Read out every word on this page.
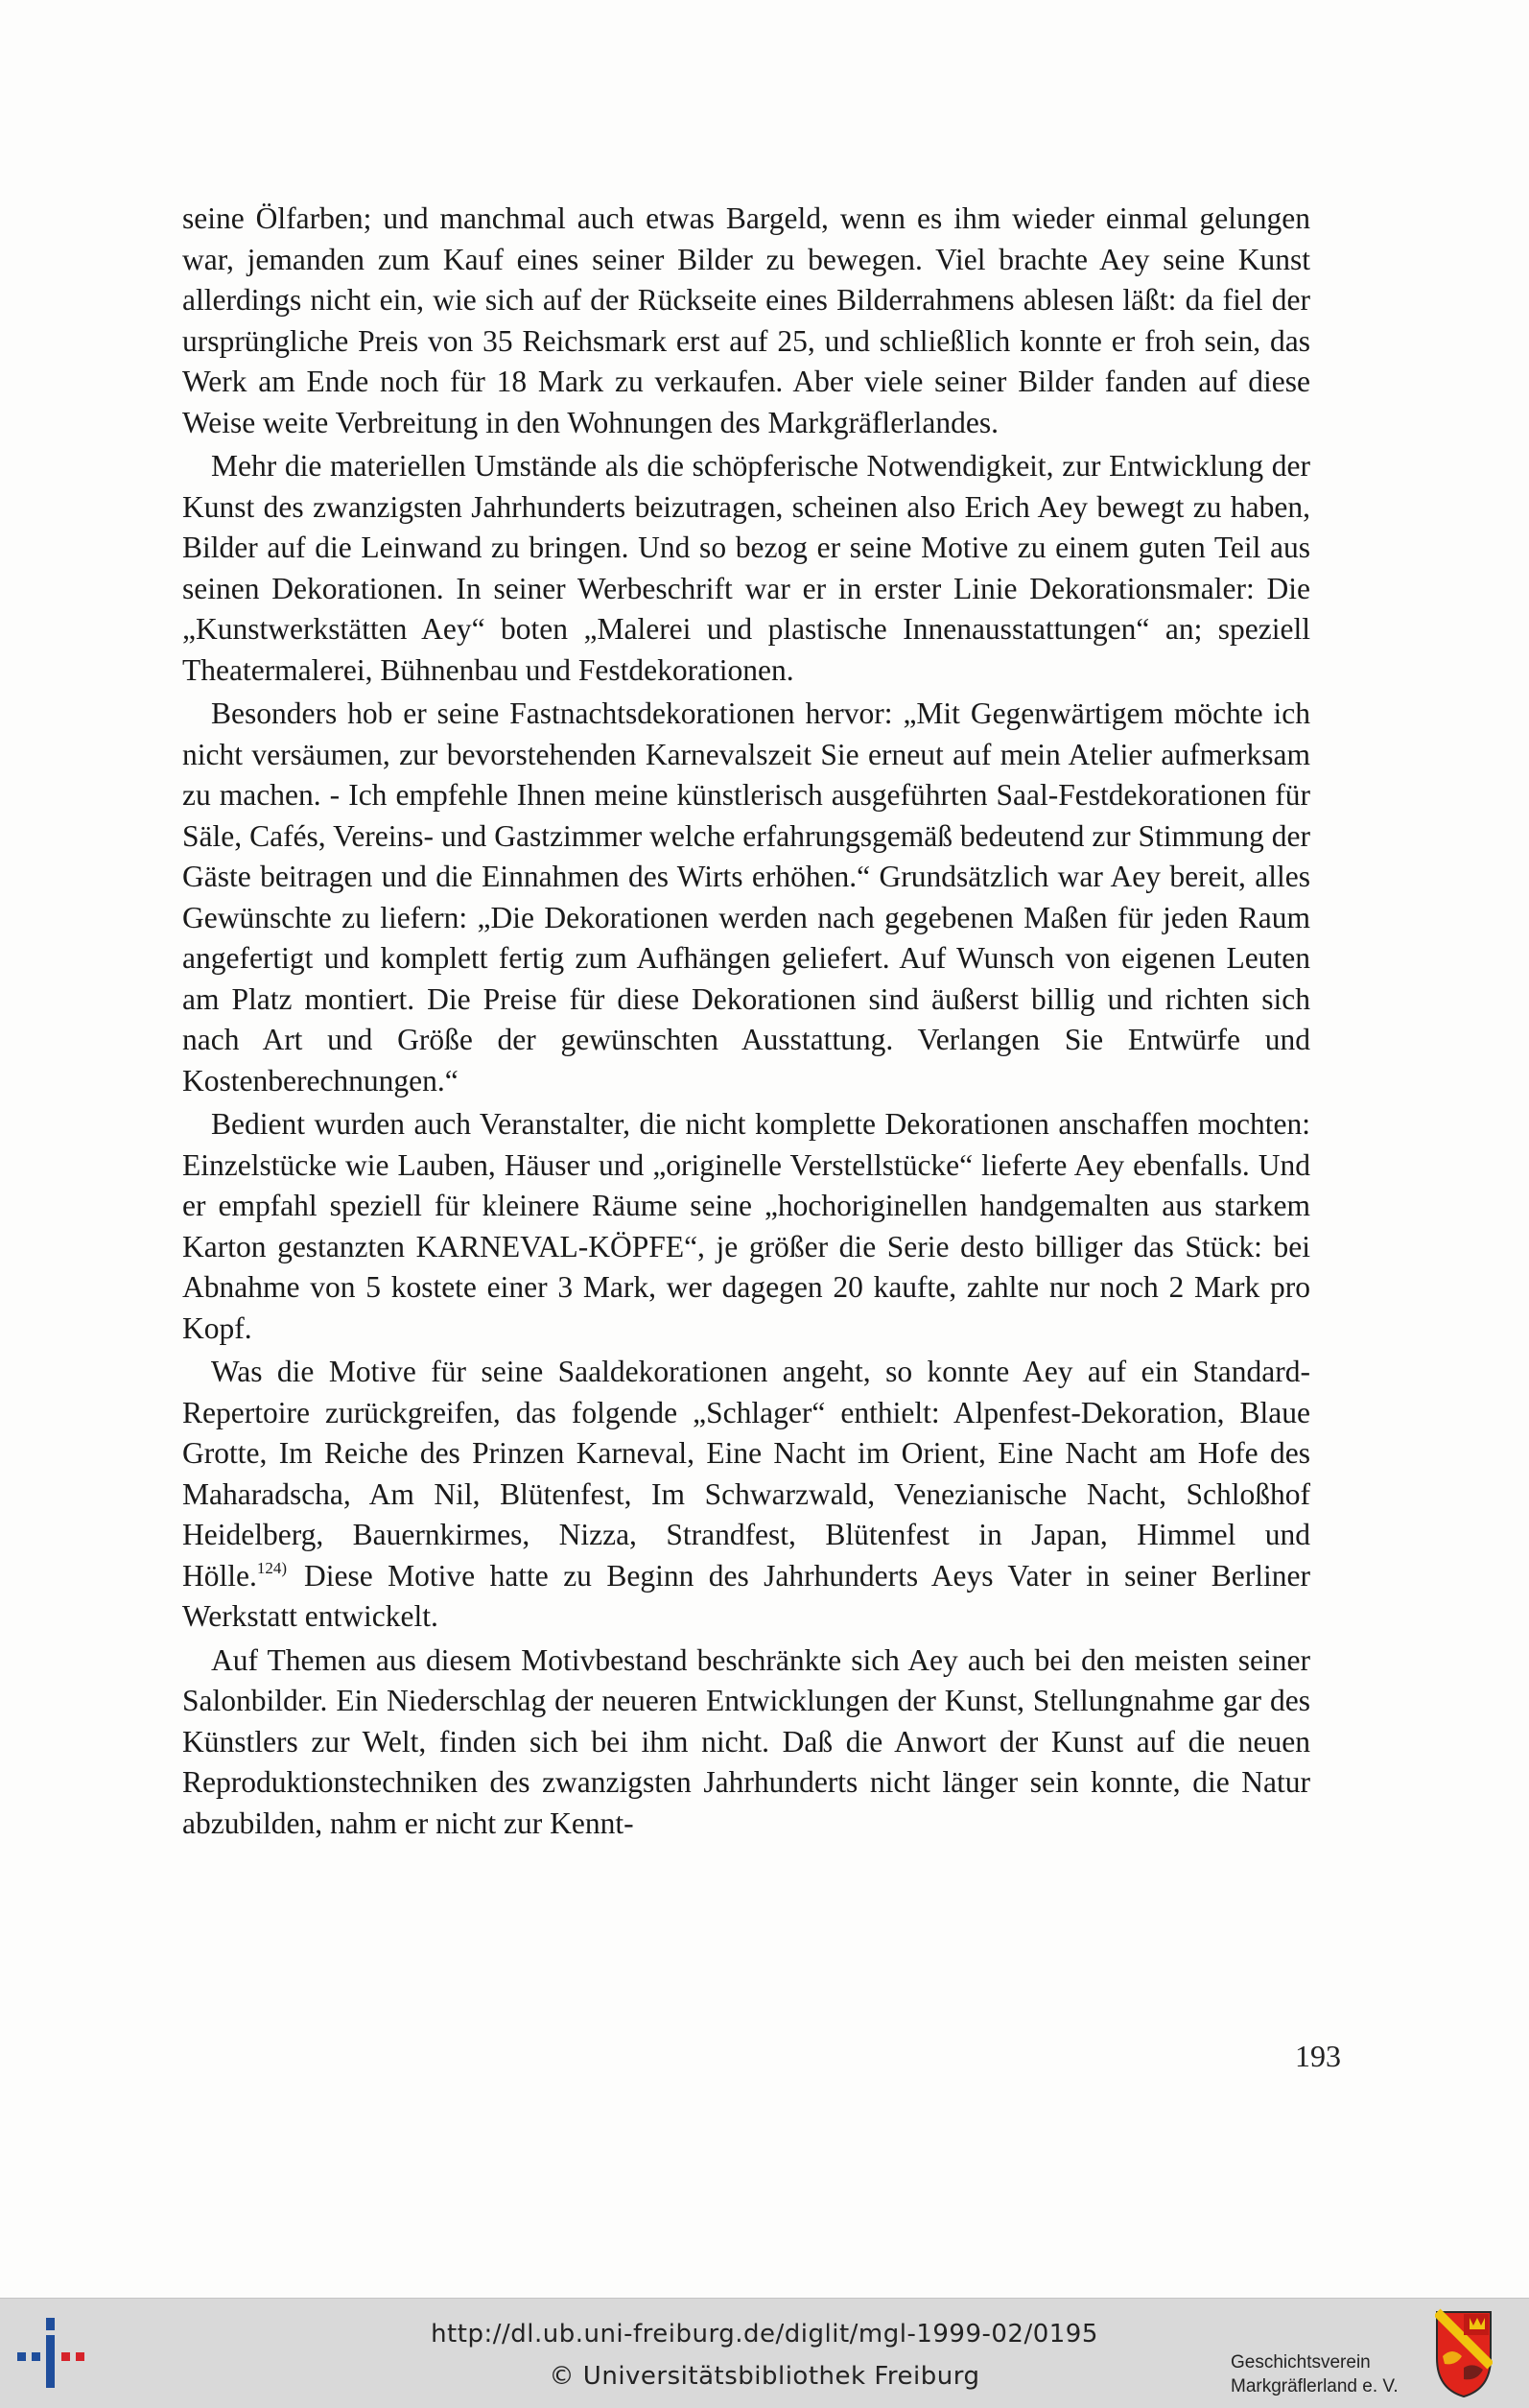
seine Ölfarben; und manchmal auch etwas Bargeld, wenn es ihm wieder einmal gelungen war, jemanden zum Kauf eines seiner Bilder zu bewegen. Viel brachte Aey seine Kunst allerdings nicht ein, wie sich auf der Rückseite eines Bilderrahmens ablesen läßt: da fiel der ursprüngliche Preis von 35 Reichsmark erst auf 25, und schließlich konnte er froh sein, das Werk am Ende noch für 18 Mark zu verkaufen. Aber viele seiner Bilder fanden auf diese Weise weite Verbreitung in den Wohnungen des Markgräflerlandes.

Mehr die materiellen Umstände als die schöpferische Notwendigkeit, zur Entwicklung der Kunst des zwanzigsten Jahrhunderts beizutragen, scheinen also Erich Aey bewegt zu haben, Bilder auf die Leinwand zu bringen. Und so bezog er seine Motive zu einem guten Teil aus seinen Dekorationen. In seiner Werbeschrift war er in erster Linie Dekorationsmaler: Die „Kunstwerkstätten Aey“ boten „Malerei und plastische Innenausstattungen“ an; speziell Theatermalerei, Bühnenbau und Festdekorationen.

Besonders hob er seine Fastnachtsdekorationen hervor: „Mit Gegenwärtigem möchte ich nicht versäumen, zur bevorstehenden Karnevalszeit Sie erneut auf mein Atelier aufmerksam zu machen. - Ich empfehle Ihnen meine künstlerisch ausgeführten Saal-Festdekorationen für Säle, Cafés, Vereins- und Gastzimmer welche erfahrungsgemäß bedeutend zur Stimmung der Gäste beitragen und die Einnahmen des Wirts erhöhen.“ Grundsätzlich war Aey bereit, alles Gewünschte zu liefern: „Die Dekorationen werden nach gegebenen Maßen für jeden Raum angefertigt und komplett fertig zum Aufhängen geliefert. Auf Wunsch von eigenen Leuten am Platz montiert. Die Preise für diese Dekorationen sind äußerst billig und richten sich nach Art und Größe der gewünschten Ausstattung. Verlangen Sie Entwürfe und Kostenberechnungen.“

Bedient wurden auch Veranstalter, die nicht komplette Dekorationen anschaffen mochten: Einzelstücke wie Lauben, Häuser und „originelle Verstellstücke“ lieferte Aey ebenfalls. Und er empfahl speziell für kleinere Räume seine „hochoriginellen handgemalten aus starkem Karton gestanzten KARNEVAL-KÖPFE“, je größer die Serie desto billiger das Stück: bei Abnahme von 5 kostete einer 3 Mark, wer dagegen 20 kaufte, zahlte nur noch 2 Mark pro Kopf.

Was die Motive für seine Saaldekorationen angeht, so konnte Aey auf ein Standard-Repertoire zurückgreifen, das folgende „Schlager“ enthielt: Alpenfest-Dekoration, Blaue Grotte, Im Reiche des Prinzen Karneval, Eine Nacht im Orient, Eine Nacht am Hofe des Maharadscha, Am Nil, Blütenfest, Im Schwarzwald, Venezianische Nacht, Schloßhof Heidelberg, Bauernkirmes, Nizza, Strandfest, Blütenfest in Japan, Himmel und Hölle.$^{124)}$ Diese Motive hatte zu Beginn des Jahrhunderts Aeys Vater in seiner Berliner Werkstatt entwickelt.

Auf Themen aus diesem Motivbestand beschränkte sich Aey auch bei den meisten seiner Salonbilder. Ein Niederschlag der neueren Entwicklungen der Kunst, Stellungnahme gar des Künstlers zur Welt, finden sich bei ihm nicht. Daß die Anwort der Kunst auf die neuen Reproduktionstechniken des zwanzigsten Jahrhunderts nicht länger sein konnte, die Natur abzubilden, nahm er nicht zur Kennt-

193
http://dl.ub.uni-freiburg.de/diglit/mgl-1999-02/0195
© Universitätsbibliothek Freiburg	Geschichtsverein
Markgräflerland e. V.
